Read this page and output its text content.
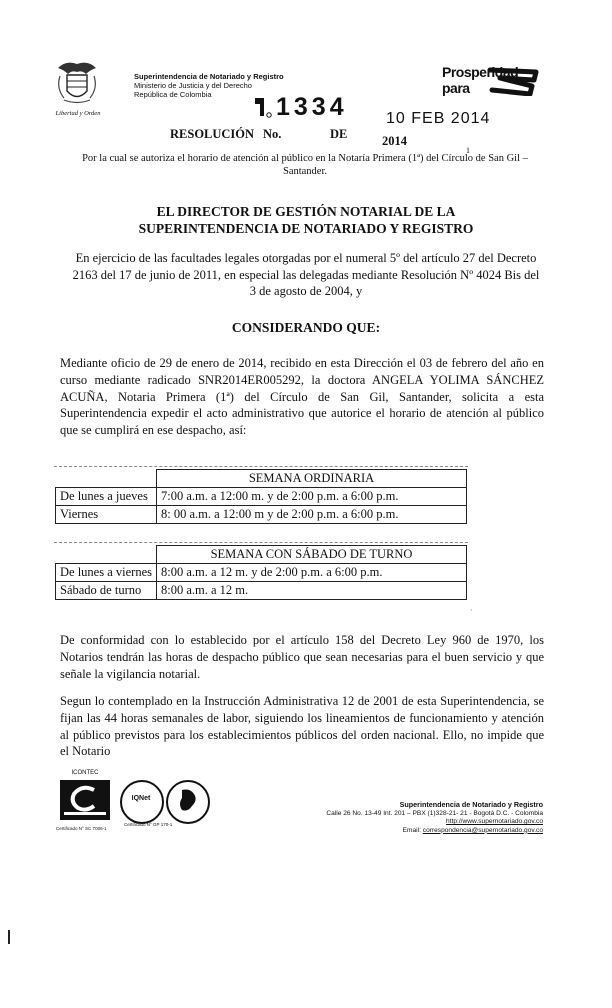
Libertad y Orden
Superintendencia de Notariado y Registro
Ministerio de Justicia y del Derecho
República de Colombia
Prosperidad
para
1334 10 FEB 2014
RESOLUCIÓN No.	DE	2014
1
Por la cual se autoriza el horario de atención al público en la Notaría Primera (1ª) del Círculo de San Gil – Santander.
EL DIRECTOR DE GESTIÓN NOTARIAL DE LA
SUPERINTENDENCIA DE NOTARIADO Y REGISTRO
En ejercicio de las facultades legales otorgadas por el numeral 5º del artículo 27 del Decreto 2163 del 17 de junio de 2011, en especial las delegadas mediante Resolución Nº 4024 Bis del 3 de agosto de 2004, y
CONSIDERANDO QUE:
Mediante oficio de 29 de enero de 2014, recibido en esta Dirección el 03 de febrero del año en curso mediante radicado SNR2014ER005292, la doctora ANGELA YOLIMA SÁNCHEZ ACUÑA, Notaria Primera (1ª) del Círculo de San Gil, Santander, solicita a esta Superintendencia expedir el acto administrativo que autorice el horario de atención al público que se cumplirá en ese despacho, así:
	SEMANA ORDINARIA
De lunes a jueves	7:00 a.m. a 12:00 m. y de 2:00 p.m. a 6:00 p.m.
Viernes	8: 00 a.m. a 12:00 m y de 2:00 p.m. a 6:00 p.m.
	SEMANA CON SÁBADO DE TURNO
De lunes a viernes	8:00 a.m. a 12 m. y de 2:00 p.m. a 6:00 p.m.
Sábado de turno	8:00 a.m. a 12 m.
·
De conformidad con lo establecido por el artículo 158 del Decreto Ley 960 de 1970, los Notarios tendrán las horas de despacho público que sean necesarias para el buen servicio y que señale la vigilancia notarial.
Segun lo contemplado en la Instrucción Administrativa 12 de 2001 de esta Superintendencia, se fijan las 44 horas semanales de labor, siguiendo los lineamientos de funcionamiento y atención al público previstos para los establecimientos públicos del orden nacional. Ello, no impide que el Notario
ICONTEC
Certificado N° SC 7006-1
IQNet
Certificado N° GP 170-1
Superintendencia de Notariado y Registro
Calle 26 No. 13-49 Int. 201 – PBX (1)328-21- 21 - Bogotá D.C. - Colombia
http://www.supernotariado.gov.co
Email: correspondencia@supernotariado.gov.co
